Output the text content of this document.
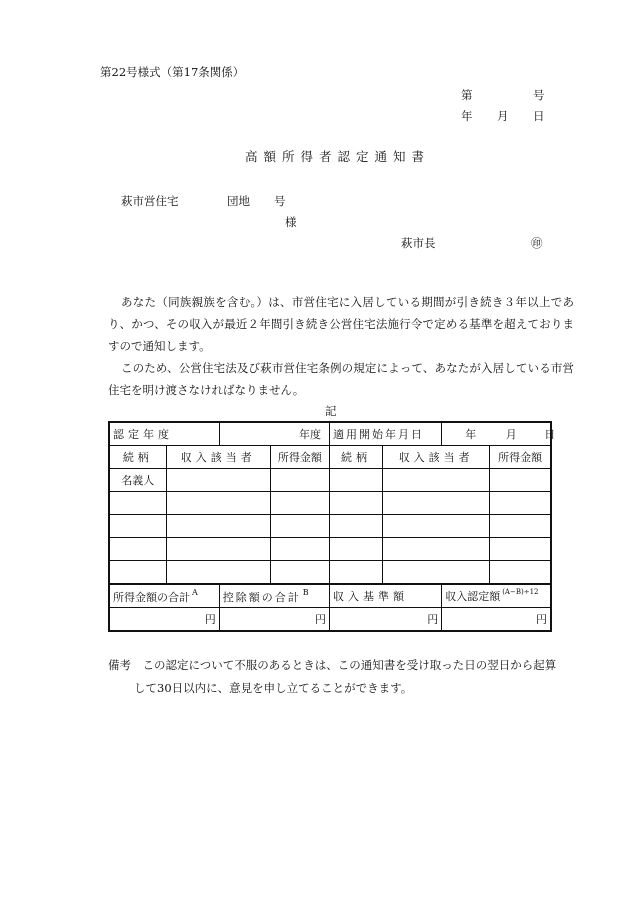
第22号様式（第17条関係）
第	号
年 月 日
高額所得者認定通知書
萩市営住宅	団地 号
様
萩市長	㊞

あなた（同族親族を含む。）は、市営住宅に入居している期間が引き続き３年以上であり、かつ、その収入が最近２年間引き続き公営住宅法施行令で定める基準を超えておりますので通知します。

このため、公営住宅法及び萩市営住宅条例の規定によって、あなたが入居している市営住宅を明け渡さなければなりません。

記
認定年度		年度		適用開始年月日		年 月 日	
続柄	収入該当者		所得金額	続柄	収入該当者		所得金額
名義人							

所得金額の合計 $^A$		控除額の合計 $^B$		収入基準額		収入認定額 $^{(A-B)\div 12}$
円		円		円		円	
備考　 この認定について不服のあるときは、この通知書を受け取った日の翌日から起算
して30日以内に、意見を申し立てることができます。
